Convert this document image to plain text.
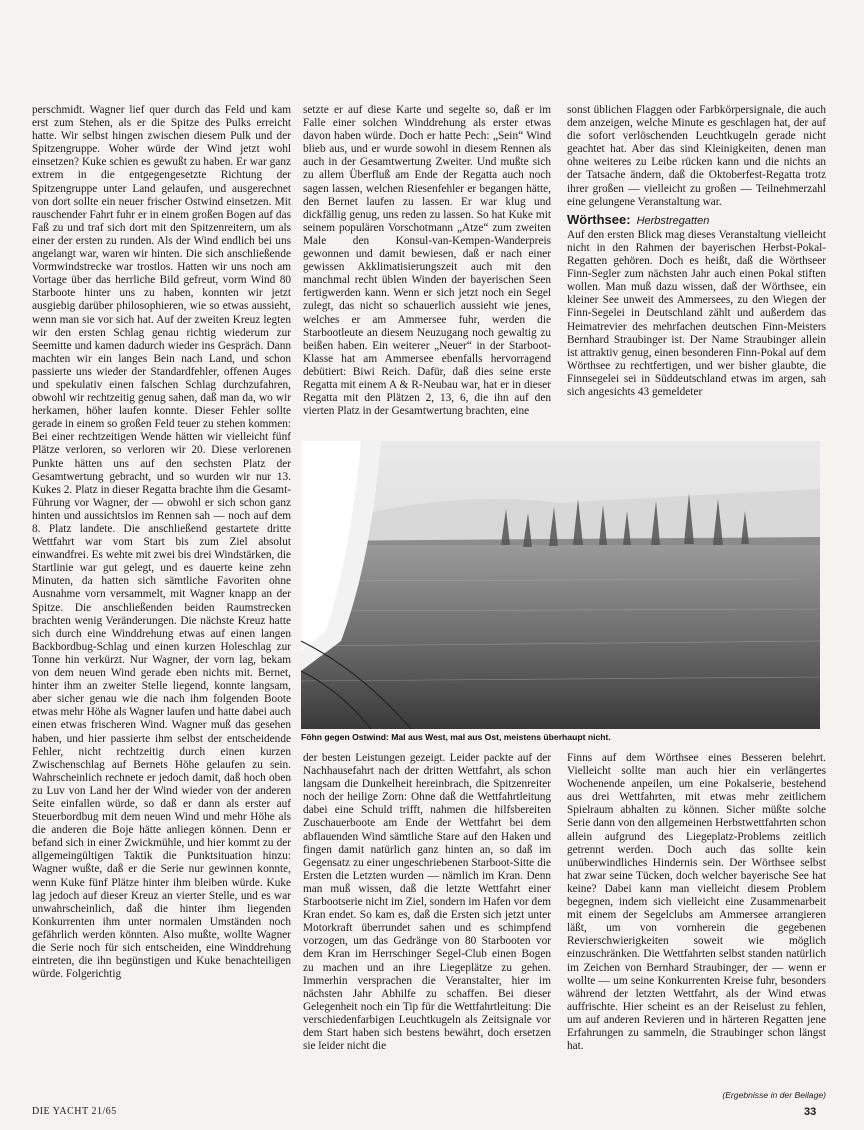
perschmidt. Wagner lief quer durch das Feld und kam erst zum Stehen, als er die Spitze des Pulks erreicht hatte. Wir selbst hingen zwischen diesem Pulk und der Spitzengruppe. Woher würde der Wind jetzt wohl einsetzen? Kuke schien es gewußt zu haben. Er war ganz extrem in die entgegengesetzte Richtung der Spitzengruppe unter Land gelaufen, und ausgerechnet von dort sollte ein neuer frischer Ostwind einsetzen. Mit rauschender Fahrt fuhr er in einem großen Bogen auf das Faß zu und traf sich dort mit den Spitzenreitern, um als einer der ersten zu runden. Als der Wind endlich bei uns angelangt war, waren wir hinten. Die sich anschließende Vormwindstrecke war trostlos. Hatten wir uns noch am Vortage über das herrliche Bild gefreut, vorm Wind 80 Starboote hinter uns zu haben, konnten wir jetzt ausgiebig darüber philosophieren, wie so etwas aussieht, wenn man sie vor sich hat. Auf der zweiten Kreuz legten wir den ersten Schlag genau richtig wiederum zur Seemitte und kamen dadurch wieder ins Gespräch. Dann machten wir ein langes Bein nach Land, und schon passierte uns wieder der Standardfehler, offenen Auges und spekulativ einen falschen Schlag durchzufahren, obwohl wir rechtzeitig genug sahen, daß man da, wo wir herkamen, höher laufen konnte. Dieser Fehler sollte gerade in einem so großen Feld teuer zu stehen kommen: Bei einer rechtzeitigen Wende hätten wir vielleicht fünf Plätze verloren, so verloren wir 20. Diese verlorenen Punkte hätten uns auf den sechsten Platz der Gesamtwertung gebracht, und so wurden wir nur 13. Kukes 2. Platz in dieser Regatta brachte ihm die Gesamt-Führung vor Wagner, der — obwohl er sich schon ganz hinten und aussichtslos im Rennen sah — noch auf dem 8. Platz landete. Die anschließend gestartete dritte Wettfahrt war vom Start bis zum Ziel absolut einwandfrei. Es wehte mit zwei bis drei Windstärken, die Startlinie war gut gelegt, und es dauerte keine zehn Minuten, da hatten sich sämtliche Favoriten ohne Ausnahme vorn versammelt, mit Wagner knapp an der Spitze. Die anschließenden beiden Raumstrecken brachten wenig Veränderungen. Die nächste Kreuz hatte sich durch eine Winddrehung etwas auf einen langen Backbordbug-Schlag und einen kurzen Holeschlag zur Tonne hin verkürzt. Nur Wagner, der vorn lag, bekam von dem neuen Wind gerade eben nichts mit. Bernet, hinter ihm an zweiter Stelle liegend, konnte langsam, aber sicher genau wie die nach ihm folgenden Boote etwas mehr Höhe als Wagner laufen und hatte dabei auch einen etwas frischeren Wind. Wagner muß das gesehen haben, und hier passierte ihm selbst der entscheidende Fehler, nicht rechtzeitig durch einen kurzen Zwischenschlag auf Bernets Höhe gelaufen zu sein. Wahrscheinlich rechnete er jedoch damit, daß hoch oben zu Luv von Land her der Wind wieder von der anderen Seite einfallen würde, so daß er dann als erster auf Steuerbordbug mit dem neuen Wind und mehr Höhe als die anderen die Boje hätte anliegen können. Denn er befand sich in einer Zwickmühle, und hier kommt zu der allgemeingültigen Taktik die Punktsituation hinzu: Wagner wußte, daß er die Serie nur gewinnen konnte, wenn Kuke fünf Plätze hinter ihm bleiben würde. Kuke lag jedoch auf dieser Kreuz an vierter Stelle, und es war unwahrscheinlich, daß die hinter ihm liegenden Konkurrenten ihm unter normalen Umständen noch gefährlich werden könnten. Also mußte, wollte Wagner die Serie noch für sich entscheiden, eine Winddrehung eintreten, die ihn begünstigen und Kuke benachteiligen würde. Folgerichtig

setzte er auf diese Karte und segelte so, daß er im Falle einer solchen Winddrehung als erster etwas davon haben würde. Doch er hatte Pech: „Sein“ Wind blieb aus, und er wurde sowohl in diesem Rennen als auch in der Gesamtwertung Zweiter. Und mußte sich zu allem Überfluß am Ende der Regatta auch noch sagen lassen, welchen Riesenfehler er begangen hätte, den Bernet laufen zu lassen. Er war klug und dickfällig genug, uns reden zu lassen. So hat Kuke mit seinem populären Vorschotmann „Atze“ zum zweiten Male den Konsul-van-Kempen-Wanderpreis gewonnen und damit bewiesen, daß er nach einer gewissen Akklimatisierungszeit auch mit den manchmal recht üblen Winden der bayerischen Seen fertigwerden kann. Wenn er sich jetzt noch ein Segel zulegt, das nicht so schauerlich aussieht wie jenes, welches er am Ammersee fuhr, werden die Starbootleute an diesem Neuzugang noch gewaltig zu beißen haben. Ein weiterer „Neuer“ in der Starboot-Klasse hat am Ammersee ebenfalls hervorragend debütiert: Biwi Reich. Dafür, daß dies seine erste Regatta mit einem A & R-Neubau war, hat er in dieser Regatta mit den Plätzen 2, 13, 6, die ihn auf den vierten Platz in der Gesamtwertung brachten, eine

sonst üblichen Flaggen oder Farbkörpersignale, die auch dem anzeigen, welche Minute es geschlagen hat, der auf die sofort verlöschenden Leuchtkugeln gerade nicht geachtet hat. Aber das sind Kleinigkeiten, denen man ohne weiteres zu Leibe rücken kann und die nichts an der Tatsache ändern, daß die Oktoberfest-Regatta trotz ihrer großen — vielleicht zu großen — Teilnehmerzahl eine gelungene Veranstaltung war.

Wörthsee: Herbstregatten

Auf den ersten Blick mag dieses Veranstaltung vielleicht nicht in den Rahmen der bayerischen Herbst-Pokal-Regatten gehören. Doch es heißt, daß die Wörthseer Finn-Segler zum nächsten Jahr auch einen Pokal stiften wollen. Man muß dazu wissen, daß der Wörthsee, ein kleiner See unweit des Ammersees, zu den Wiegen der Finn-Segelei in Deutschland zählt und außerdem das Heimatrevier des mehrfachen deutschen Finn-Meisters Bernhard Straubinger ist. Der Name Straubinger allein ist attraktiv genug, einen besonderen Finn-Pokal auf dem Wörthsee zu rechtfertigen, und wer bisher glaubte, die Finnsegelei sei in Süddeutschland etwas im argen, sah sich angesichts 43 gemeldeter

Föhn gegen Ostwind: Mal aus West, mal aus Ost, meistens überhaupt nicht.

der besten Leistungen gezeigt. Leider packte auf der Nachhausefahrt nach der dritten Wettfahrt, als schon langsam die Dunkelheit hereinbrach, die Spitzenreiter noch der heilige Zorn: Ohne daß die Wettfahrtleitung dabei eine Schuld trifft, nahmen die hilfsbereiten Zuschauerboote am Ende der Wettfahrt bei dem abflauenden Wind sämtliche Stare auf den Haken und fingen damit natürlich ganz hinten an, so daß im Gegensatz zu einer ungeschriebenen Starboot-Sitte die Ersten die Letzten wurden — nämlich im Kran. Denn man muß wissen, daß die letzte Wettfahrt einer Starbootserie nicht im Ziel, sondern im Hafen vor dem Kran endet. So kam es, daß die Ersten sich jetzt unter Motorkraft überrundet sahen und es schimpfend vorzogen, um das Gedränge von 80 Starbooten vor dem Kran im Herrschinger Segel-Club einen Bogen zu machen und an ihre Liegeplätze zu gehen. Immerhin versprachen die Veranstalter, hier im nächsten Jahr Abhilfe zu schaffen. Bei dieser Gelegenheit noch ein Tip für die Wettfahrtleitung: Die verschiedenfarbigen Leuchtkugeln als Zeitsignale vor dem Start haben sich bestens bewährt, doch ersetzen sie leider nicht die

Finns auf dem Wörthsee eines Besseren belehrt. Vielleicht sollte man auch hier ein verlängertes Wochenende anpeilen, um eine Pokalserie, bestehend aus drei Wettfahrten, mit etwas mehr zeitlichem Spielraum abhalten zu können. Sicher müßte solche Serie dann von den allgemeinen Herbstwettfahrten schon allein aufgrund des Liegeplatz-Problems zeitlich getrennt werden. Doch auch das sollte kein unüberwindliches Hindernis sein. Der Wörthsee selbst hat zwar seine Tücken, doch welcher bayerische See hat keine? Dabei kann man vielleicht diesem Problem begegnen, indem sich vielleicht eine Zusammenarbeit mit einem der Segelclubs am Ammersee arrangieren läßt, um von vornherein die gegebenen Revierschwierigkeiten soweit wie möglich einzuschränken. Die Wettfahrten selbst standen natürlich im Zeichen von Bernhard Straubinger, der — wenn er wollte — um seine Konkurrenten Kreise fuhr, besonders während der letzten Wettfahrt, als der Wind etwas auffrischte. Hier scheint es an der Reiselust zu fehlen, um auf anderen Revieren und in härteren Regatten jene Erfahrungen zu sammeln, die Straubinger schon längst hat.

(Ergebnisse in der Beilage)
DIE YACHT 21/65	33
